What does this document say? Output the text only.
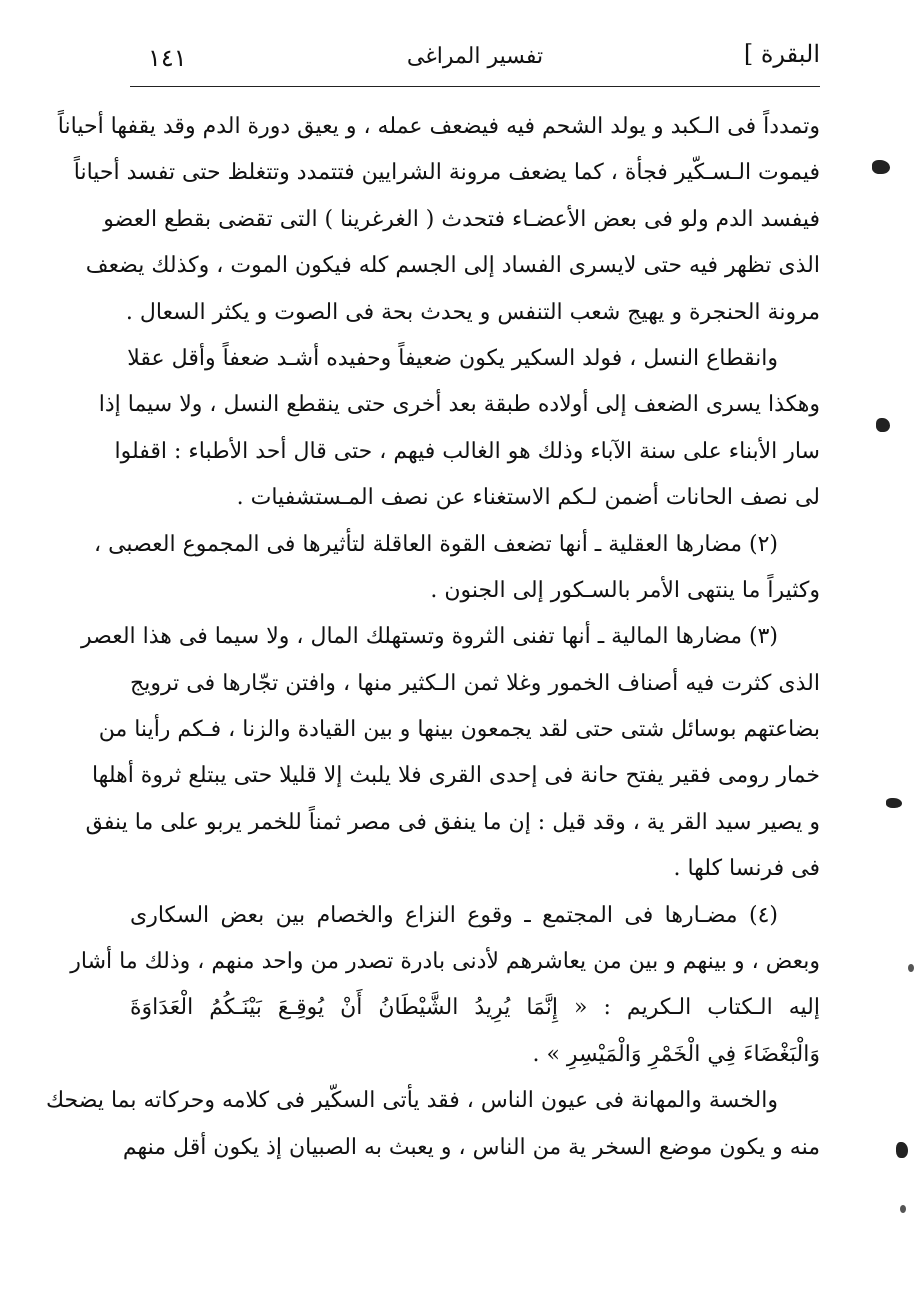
١٤١	تفسير المراغى	البقرة ]
وتمدداً فى الـكبد و يولد الشحم فيه فيضعف عمله ، و يعيق دورة الدم وقد يقفها أحياناً
فيموت الـسـكّير فجأة ، كما يضعف مرونة الشرايين فتتمدد وتتغلظ حتى تفسد أحياناً
فيفسد الدم ولو فى بعض الأعضـاء فتحدث ( الغرغرينا ) التى تقضى بقطع العضو
الذى تظهر فيه حتى لايسرى الفساد إلى الجسم كله فيكون الموت ، وكذلك يضعف
مرونة الحنجرة و يهيج شعب التنفس و يحدث بحة فى الصوت و يكثر السعال .
وانقطاع النسل ، فولد السكير يكون ضعيفاً وحفيده أشـد ضعفاً وأقل عقلا
وهكذا يسرى الضعف إلى أولاده طبقة بعد أخرى حتى ينقطع النسل ، ولا سيما إذا
سار الأبناء على سنة الآباء وذلك هو الغالب فيهم ، حتى قال أحد الأطباء : اقفلوا
لى نصف الحانات أضمن لـكم الاستغناء عن نصف المـستشفيات .
(٢) مضارها العقلية ـ أنها تضعف القوة العاقلة لتأثيرها فى المجموع العصبى ،
وكثيراً ما ينتهى الأمر بالسـكور إلى الجنون .
(٣) مضارها المالية ـ أنها تفنى الثروة وتستهلك المال ، ولا سيما فى هذا العصر
الذى كثرت فيه أصناف الخمور وغلا ثمن الـكثير منها ، وافتن تجّارها فى ترويج
بضاعتهم بوسائل شتى حتى لقد يجمعون بينها و بين القيادة والزنا ، فـكم رأينا من
خمار رومى فقير يفتح حانة فى إحدى القرى فلا يلبث إلا قليلا حتى يبتلع ثروة أهلها
و يصير سيد القر ية ، وقد قيل : إن ما ينفق فى مصر ثمناً للخمر يربو على ما ينفق
فى فرنسا كلها .
(٤) مضـارها فى المجتمع ـ وقوع النزاع والخصام بين بعض السكارى
وبعض ، و بينهم و بين من يعاشرهم لأدنى بادرة تصدر من واحد منهم ، وذلك ما أشار
إليه الـكتاب الـكريم : « إِنَّمَا يُرِيدُ الشَّيْطَانُ أَنْ يُوقِـعَ بَيْنَـكُمُ الْعَدَاوَةَ
وَالْبَغْضَاءَ فِي الْخَمْرِ وَالْمَيْسِرِ » .
والخسة والمهانة فى عيون الناس ، فقد يأتى السكّير فى كلامه وحركاته بما يضحك
منه و يكون موضع السخر ية من الناس ، و يعبث به الصبيان إذ يكون أقل منهم
